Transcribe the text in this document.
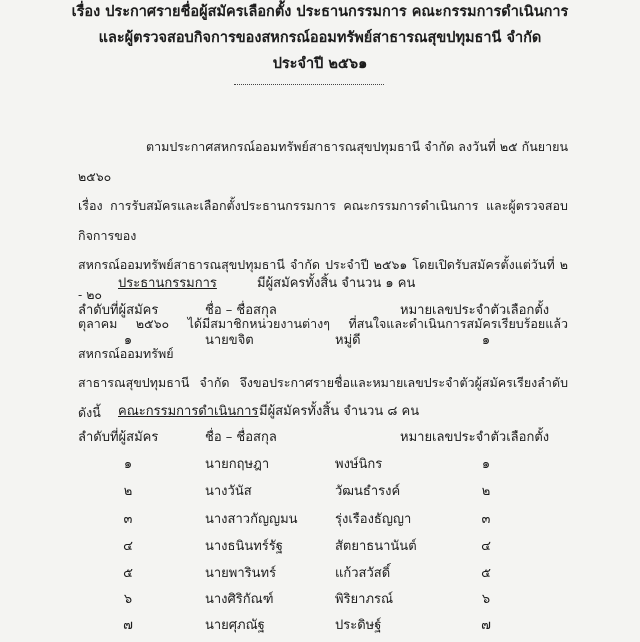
เรื่อง ประกาศรายชื่อผู้สมัครเลือกตั้ง ประธานกรรมการ คณะกรรมการดำเนินการ
และผู้ตรวจสอบกิจการของสหกรณ์ออมทรัพย์สาธารณสุขปทุมธานี จำกัด
ประจำปี ๒๕๖๑
ตามประกาศสหกรณ์ออมทรัพย์สาธารณสุขปทุมธานี จำกัด ลงวันที่ ๒๕ กันยายน ๒๕๖๐
เรื่อง การรับสมัครและเลือกตั้งประธานกรรมการ คณะกรรมการดำเนินการ และผู้ตรวจสอบกิจการของ
สหกรณ์ออมทรัพย์สาธารณสุขปทุมธานี จำกัด ประจำปี ๒๕๖๑ โดยเปิดรับสมัครตั้งแต่วันที่ ๒ - ๒๐
ตุลาคม ๒๕๖๐ ได้มีสมาชิกหน่วยงานต่างๆ ที่สนใจและดำเนินการสมัครเรียบร้อยแล้ว สหกรณ์ออมทรัพย์
สาธารณสุขปทุมธานี จำกัด จึงขอประกาศรายชื่อและหมายเลขประจำตัวผู้สมัครเรียงลำดับ ดังนี้
ประธานกรรมการ	มีผู้สมัครทั้งสิ้น จำนวน ๑ คน
ลำดับที่ผู้สมัคร	ชื่อ – ชื่อสกุล	หมายเลขประจำตัวเลือกตั้ง
๑	นายขจิต	หมู่ดี	๑
คณะกรรมการดำเนินการ มีผู้สมัครทั้งสิ้น จำนวน ๘ คน
ลำดับที่ผู้สมัคร	ชื่อ – ชื่อสกุล	หมายเลขประจำตัวเลือกตั้ง
๑	นายกฤษฎา	พงษ์นิกร	๑
๒	นางวันัส	วัฒนธำรงค์	๒
๓	นางสาวกัญญมน	รุ่งเรืองธัญญา	๓
๔	นางธนินทร์รัฐ	สัตยาธนานันต์	๔
๕	นายพารินทร์	แก้วสวัสดิ์	๕
๖	นางศิริกัณฑ์	พิริยาภรณ์	๖
๗	นายศุภณัฐ	ประดิษฐ์	๗
